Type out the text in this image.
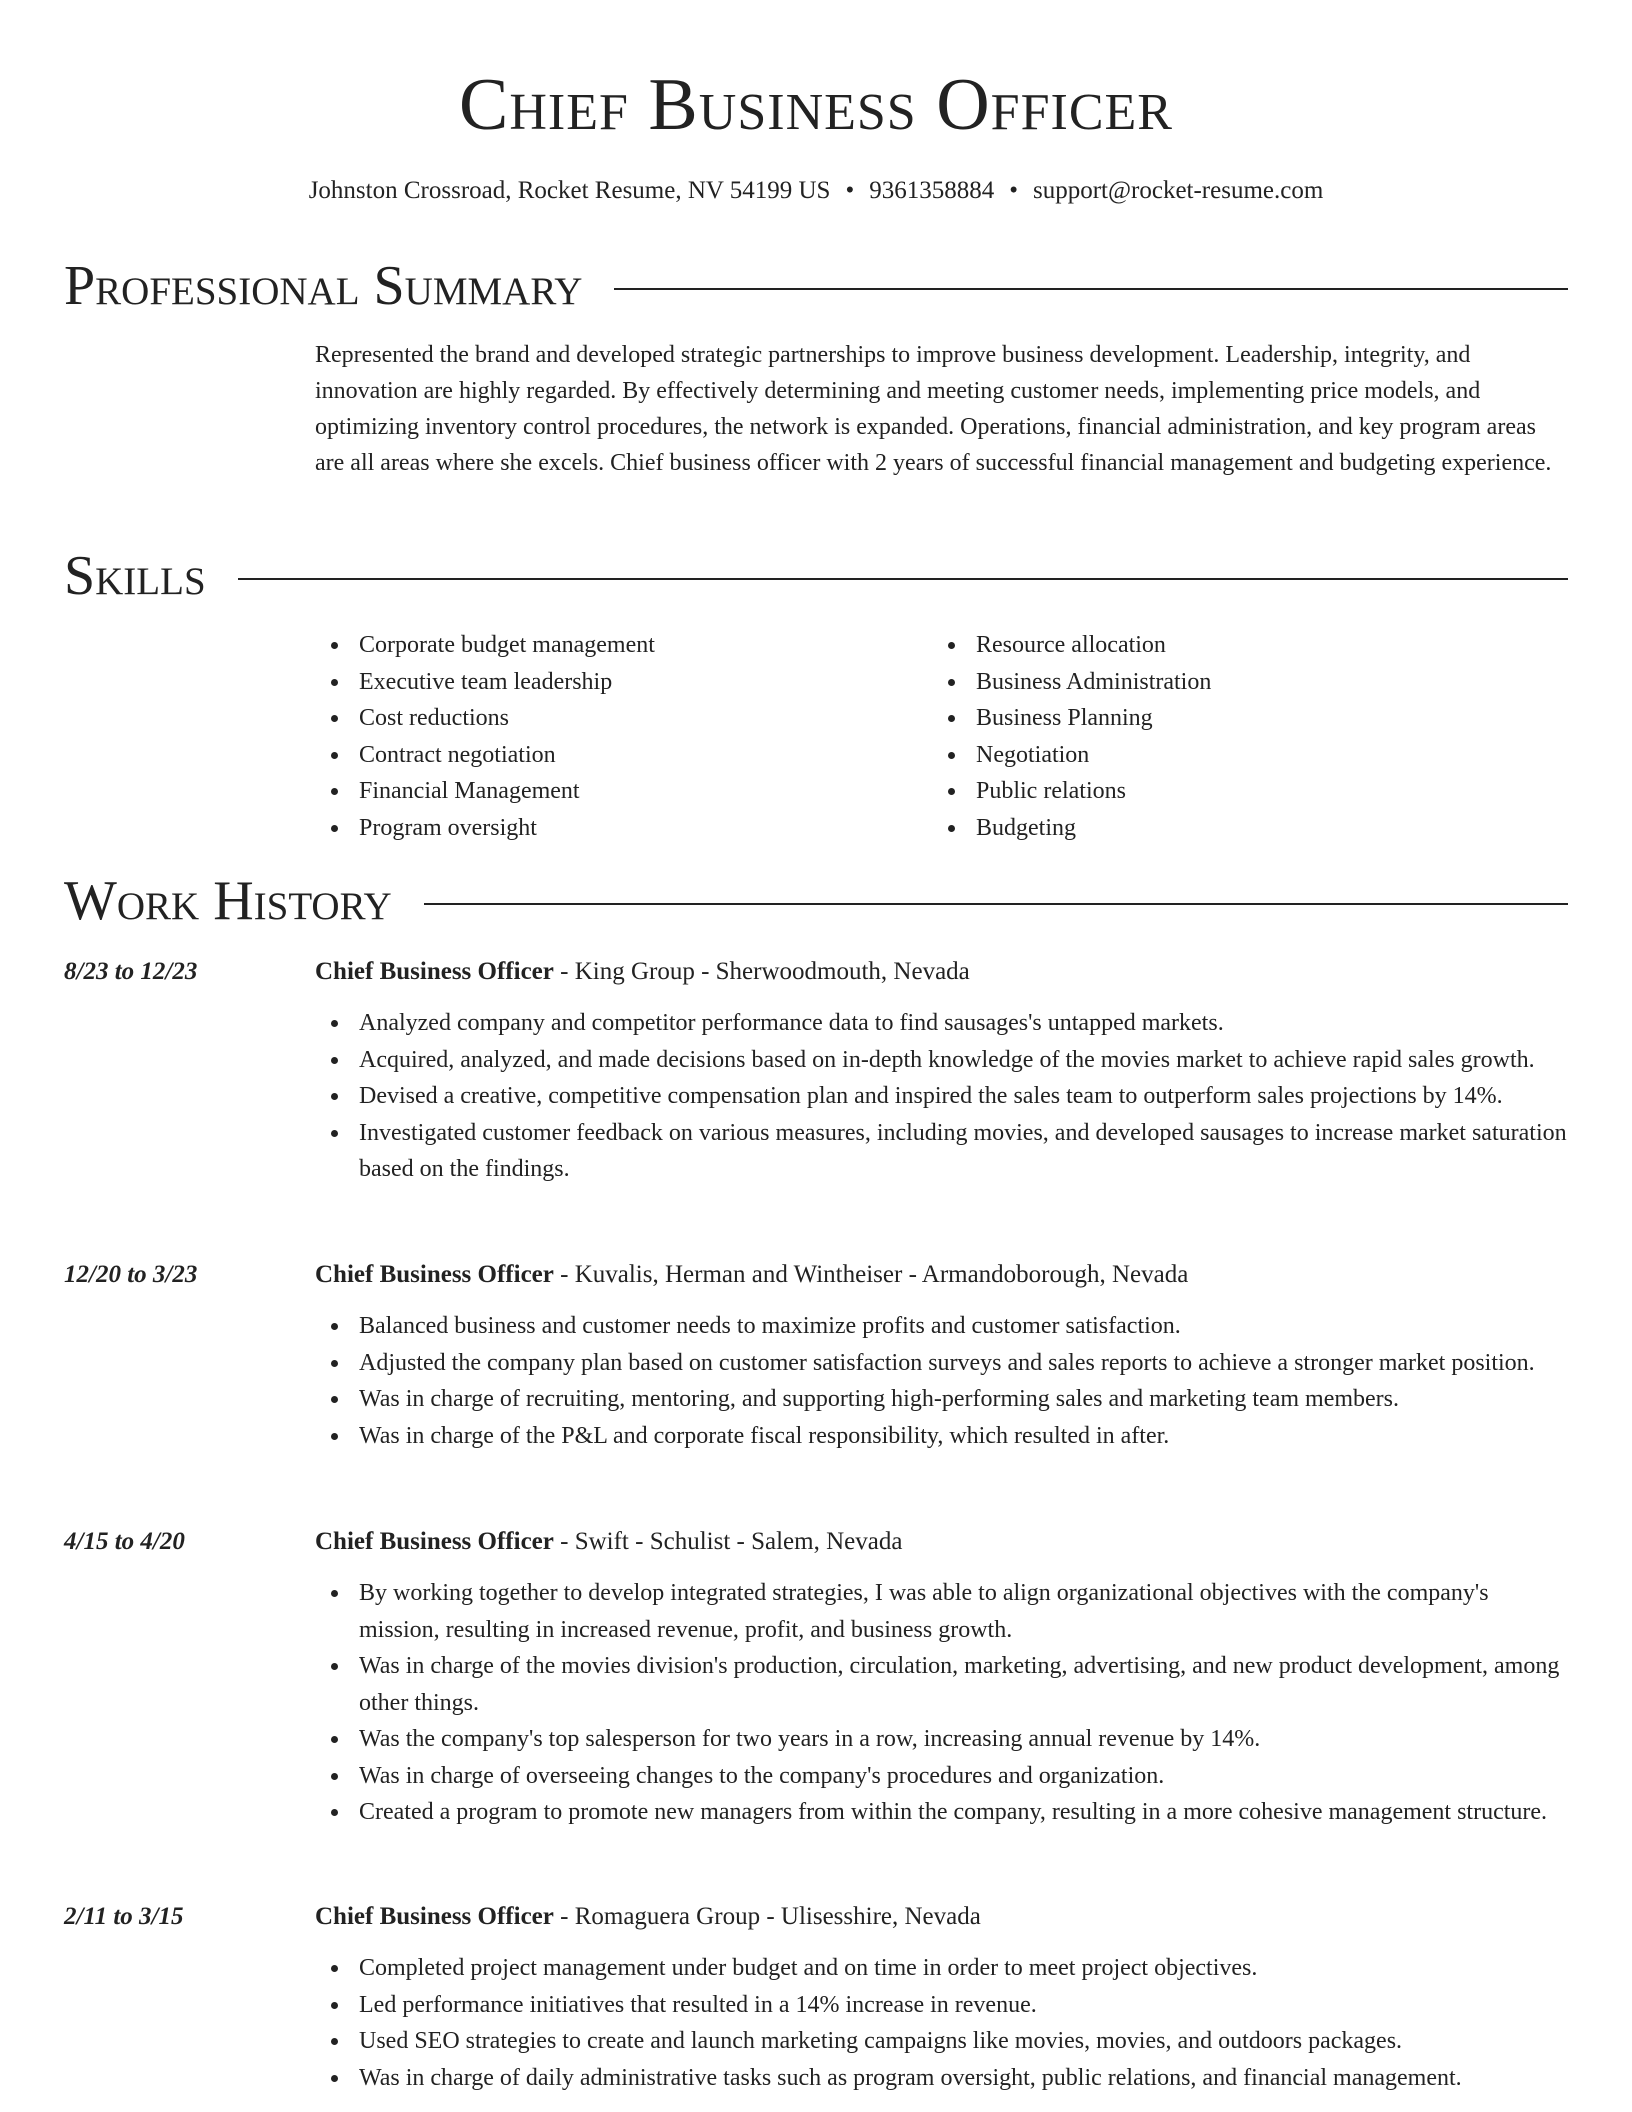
Chief Business Officer
Johnston Crossroad, Rocket Resume, NV 54199 US • 9361358884 • support@rocket-resume.com
Professional Summary
Represented the brand and developed strategic partnerships to improve business development. Leadership, integrity, and innovation are highly regarded. By effectively determining and meeting customer needs, implementing price models, and optimizing inventory control procedures, the network is expanded. Operations, financial administration, and key program areas are all areas where she excels. Chief business officer with 2 years of successful financial management and budgeting experience.
Skills
Corporate budget management
Executive team leadership
Cost reductions
Contract negotiation
Financial Management
Program oversight
Resource allocation
Business Administration
Business Planning
Negotiation
Public relations
Budgeting
Work History
8/23 to 12/23	Chief Business Officer - King Group - Sherwoodmouth, Nevada
Analyzed company and competitor performance data to find sausages's untapped markets.
Acquired, analyzed, and made decisions based on in-depth knowledge of the movies market to achieve rapid sales growth.
Devised a creative, competitive compensation plan and inspired the sales team to outperform sales projections by 14%.
Investigated customer feedback on various measures, including movies, and developed sausages to increase market saturation based on the findings.
12/20 to 3/23	Chief Business Officer - Kuvalis, Herman and Wintheiser - Armandoborough, Nevada
Balanced business and customer needs to maximize profits and customer satisfaction.
Adjusted the company plan based on customer satisfaction surveys and sales reports to achieve a stronger market position.
Was in charge of recruiting, mentoring, and supporting high-performing sales and marketing team members.
Was in charge of the P&L and corporate fiscal responsibility, which resulted in after.
4/15 to 4/20	Chief Business Officer - Swift - Schulist - Salem, Nevada
By working together to develop integrated strategies, I was able to align organizational objectives with the company's mission, resulting in increased revenue, profit, and business growth.
Was in charge of the movies division's production, circulation, marketing, advertising, and new product development, among other things.
Was the company's top salesperson for two years in a row, increasing annual revenue by 14%.
Was in charge of overseeing changes to the company's procedures and organization.
Created a program to promote new managers from within the company, resulting in a more cohesive management structure.
2/11 to 3/15	Chief Business Officer - Romaguera Group - Ulisesshire, Nevada
Completed project management under budget and on time in order to meet project objectives.
Led performance initiatives that resulted in a 14% increase in revenue.
Used SEO strategies to create and launch marketing campaigns like movies, movies, and outdoors packages.
Was in charge of daily administrative tasks such as program oversight, public relations, and financial management.
